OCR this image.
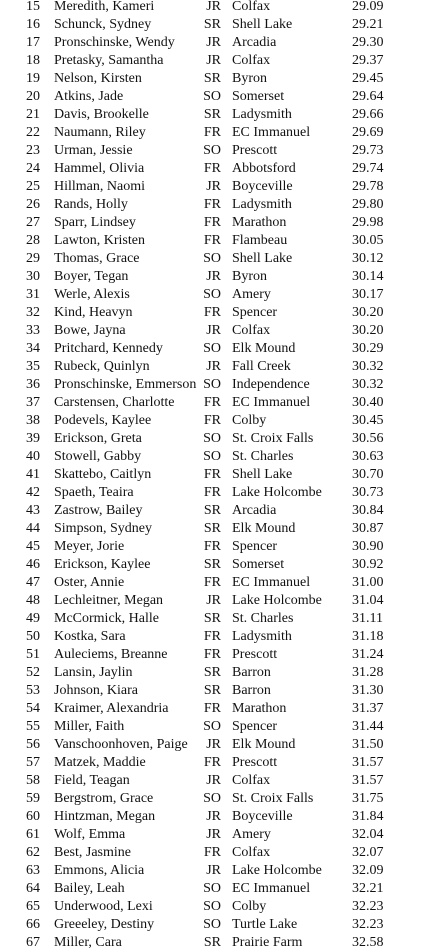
15 Meredith, Kameri	JR Colfax	29.09
16 Schunck, Sydney	SR Shell Lake	29.21
17 Pronschinske, Wendy	JR Arcadia	29.30
18 Pretasky, Samantha	JR Colfax	29.37
19 Nelson, Kirsten	SR Byron	29.45
20 Atkins, Jade	SO Somerset	29.64
21 Davis, Brookelle	SR Ladysmith	29.66
22 Naumann, Riley	FR EC Immanuel	29.69
23 Urman, Jessie	SO Prescott	29.73
24 Hammel, Olivia	FR Abbotsford	29.74
25 Hillman, Naomi	JR Boyceville	29.78
26 Rands, Holly	FR Ladysmith	29.80
27 Sparr, Lindsey	FR Marathon	29.98
28 Lawton, Kristen	FR Flambeau	30.05
29 Thomas, Grace	SO Shell Lake	30.12
30 Boyer, Tegan	JR Byron	30.14
31 Werle, Alexis	SO Amery	30.17
32 Kind, Heavyn	FR Spencer	30.20
33 Bowe, Jayna	JR Colfax	30.20
34 Pritchard, Kennedy	SO Elk Mound	30.29
35 Rubeck, Quinlyn	JR Fall Creek	30.32
36 Pronschinske, Emmerson SO Independence	30.32
37 Carstensen, Charlotte	FR EC Immanuel	30.40
38 Podevels, Kaylee	FR Colby	30.45
39 Erickson, Greta	SO St. Croix Falls	30.56
40 Stowell, Gabby	SO St. Charles	30.63
41 Skattebo, Caitlyn	FR Shell Lake	30.70
42 Spaeth, Teaira	FR Lake Holcombe 30.73
43 Zastrow, Bailey	SR Arcadia	30.84
44 Simpson, Sydney	SR Elk Mound	30.87
45 Meyer, Jorie	FR Spencer	30.90
46 Erickson, Kaylee	SR Somerset	30.92
47 Oster, Annie	FR EC Immanuel	31.00
48 Lechleitner, Megan	JR Lake Holcombe 31.04
49 McCormick, Halle	SR St. Charles	31.11
50 Kostka, Sara	FR Ladysmith	31.18
51 Auleciems, Breanne	FR Prescott	31.24
52 Lansin, Jaylin	SR Barron	31.28
53 Johnson, Kiara	SR Barron	31.30
54 Kraimer, Alexandria	FR Marathon	31.37
55 Miller, Faith	SO Spencer	31.44
56 Vanschoonhoven, Paige	JR Elk Mound	31.50
57 Matzek, Maddie	FR Prescott	31.57
58 Field, Teagan	JR Colfax	31.57
59 Bergstrom, Grace	SO St. Croix Falls	31.75
60 Hintzman, Megan	JR Boyceville	31.84
61 Wolf, Emma	JR Amery	32.04
62 Best, Jasmine	FR Colfax	32.07
63 Emmons, Alicia	JR Lake Holcombe 32.09
64 Bailey, Leah	SO EC Immanuel	32.21
65 Underwood, Lexi	SO Colby	32.23
66 Greeeley, Destiny	SO Turtle Lake	32.23
67 Miller, Cara	SR Prairie Farm	32.58
